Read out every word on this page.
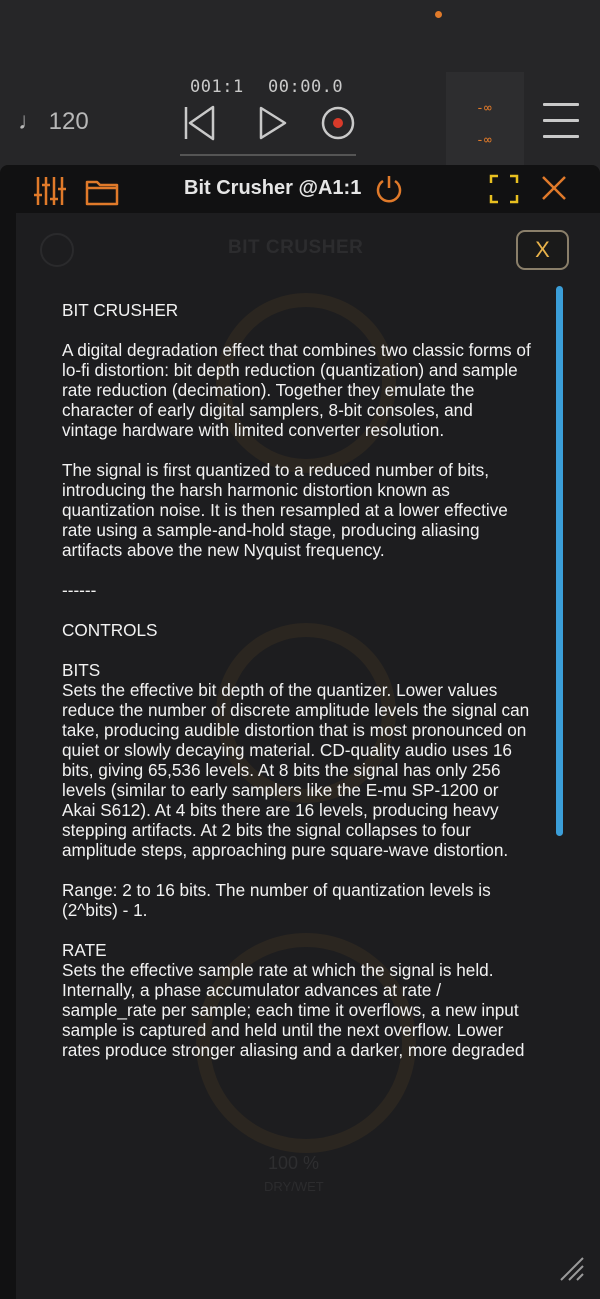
001:1 00:00.0
♩ 120	-∞
-∞
Bit Crusher @A1:1
BIT CRUSHER
100 %
DRY/WET
X

BIT CRUSHER

A digital degradation effect that combines two classic forms of lo-fi distortion: bit depth reduction (quantization) and sample rate reduction (decimation). Together they emulate the character of early digital samplers, 8-bit consoles, and vintage hardware with limited converter resolution.

The signal is first quantized to a reduced number of bits, introducing the harsh harmonic distortion known as quantization noise. It is then resampled at a lower effective rate using a sample-and-hold stage, producing aliasing artifacts above the new Nyquist frequency.

------

CONTROLS

BITS
Sets the effective bit depth of the quantizer. Lower values reduce the number of discrete amplitude levels the signal can take, producing audible distortion that is most pronounced on quiet or slowly decaying material. CD-quality audio uses 16 bits, giving 65,536 levels. At 8 bits the signal has only 256 levels (similar to early samplers like the E-mu SP-1200 or Akai S612). At 4 bits there are 16 levels, producing heavy stepping artifacts. At 2 bits the signal collapses to four amplitude steps, approaching pure square-wave distortion.

Range: 2 to 16 bits. The number of quantization levels is (2^bits) - 1.

RATE
Sets the effective sample rate at which the signal is held. Internally, a phase accumulator advances at rate / sample_rate per sample; each time it overflows, a new input sample is captured and held until the next overflow. Lower rates produce stronger aliasing and a darker, more degraded
